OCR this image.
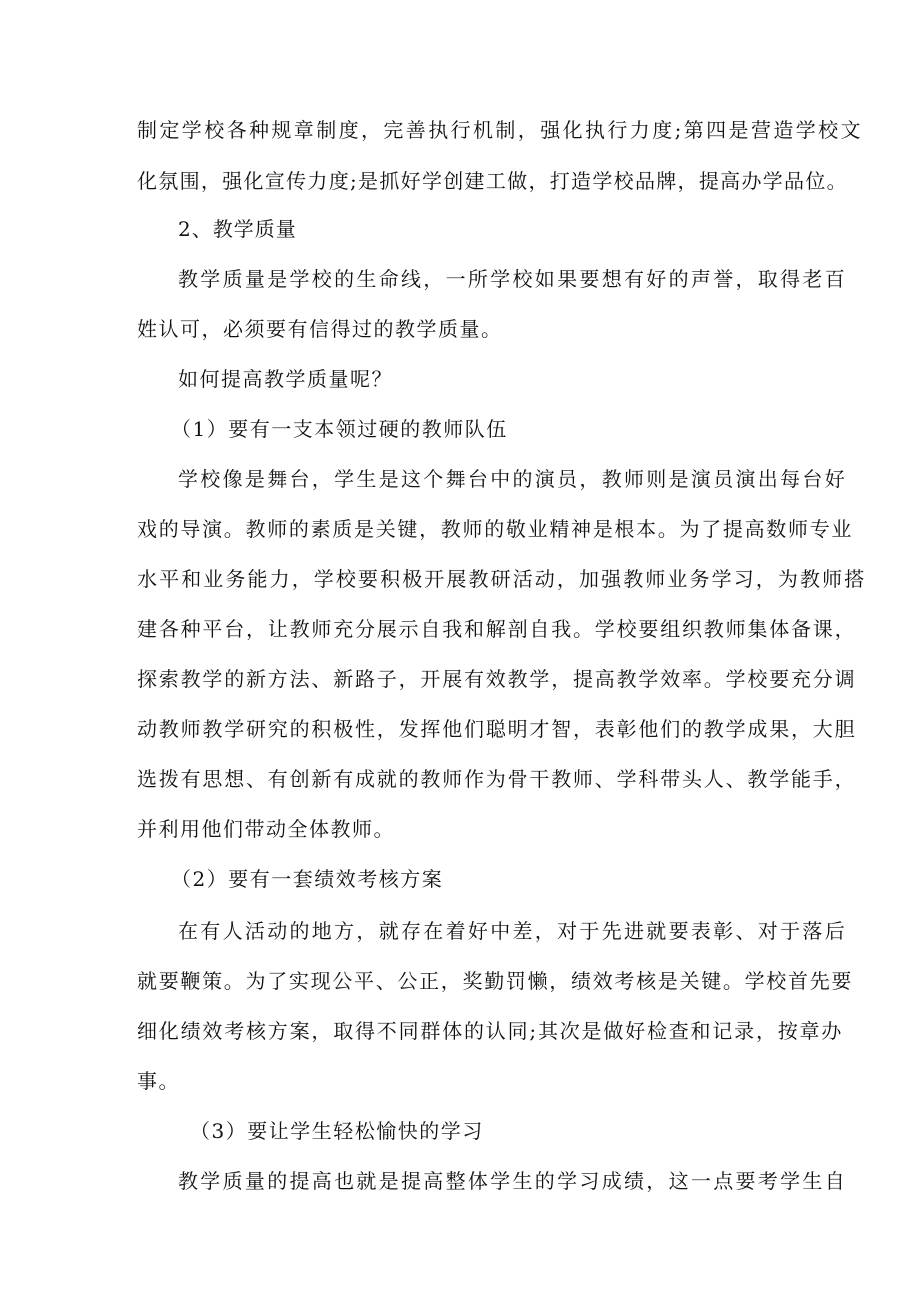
制定学校各种规章制度，完善执行机制，强化执行力度;第四是营造学校文

化氛围，强化宣传力度;是抓好学创建工做，打造学校品牌，提高办学品位。

2、教学质量

教学质量是学校的生命线，一所学校如果要想有好的声誉，取得老百

姓认可，必须要有信得过的教学质量。

如何提高教学质量呢？

（1）要有一支本领过硬的教师队伍

学校像是舞台，学生是这个舞台中的演员，教师则是演员演出每台好

戏的导演。教师的素质是关键，教师的敬业精神是根本。为了提高数师专业

水平和业务能力，学校要积极开展教研活动，加强教师业务学习，为教师搭

建各种平台，让教师充分展示自我和解剖自我。学校要组织教师集体备课，

探索教学的新方法、新路子，开展有效教学，提高教学效率。学校要充分调

动教师教学研究的积极性，发挥他们聪明才智，表彰他们的教学成果，大胆

选拨有思想、有创新有成就的教师作为骨干教师、学科带头人、教学能手，

并利用他们带动全体教师。

（2）要有一套绩效考核方案

在有人活动的地方，就存在着好中差，对于先进就要表彰、对于落后

就要鞭策。为了实现公平、公正，奖勤罚懒，绩效考核是关键。学校首先要

细化绩效考核方案，取得不同群体的认同;其次是做好检查和记录，按章办

事。

（3）要让学生轻松愉快的学习

教学质量的提高也就是提高整体学生的学习成绩，这一点要考学生自
